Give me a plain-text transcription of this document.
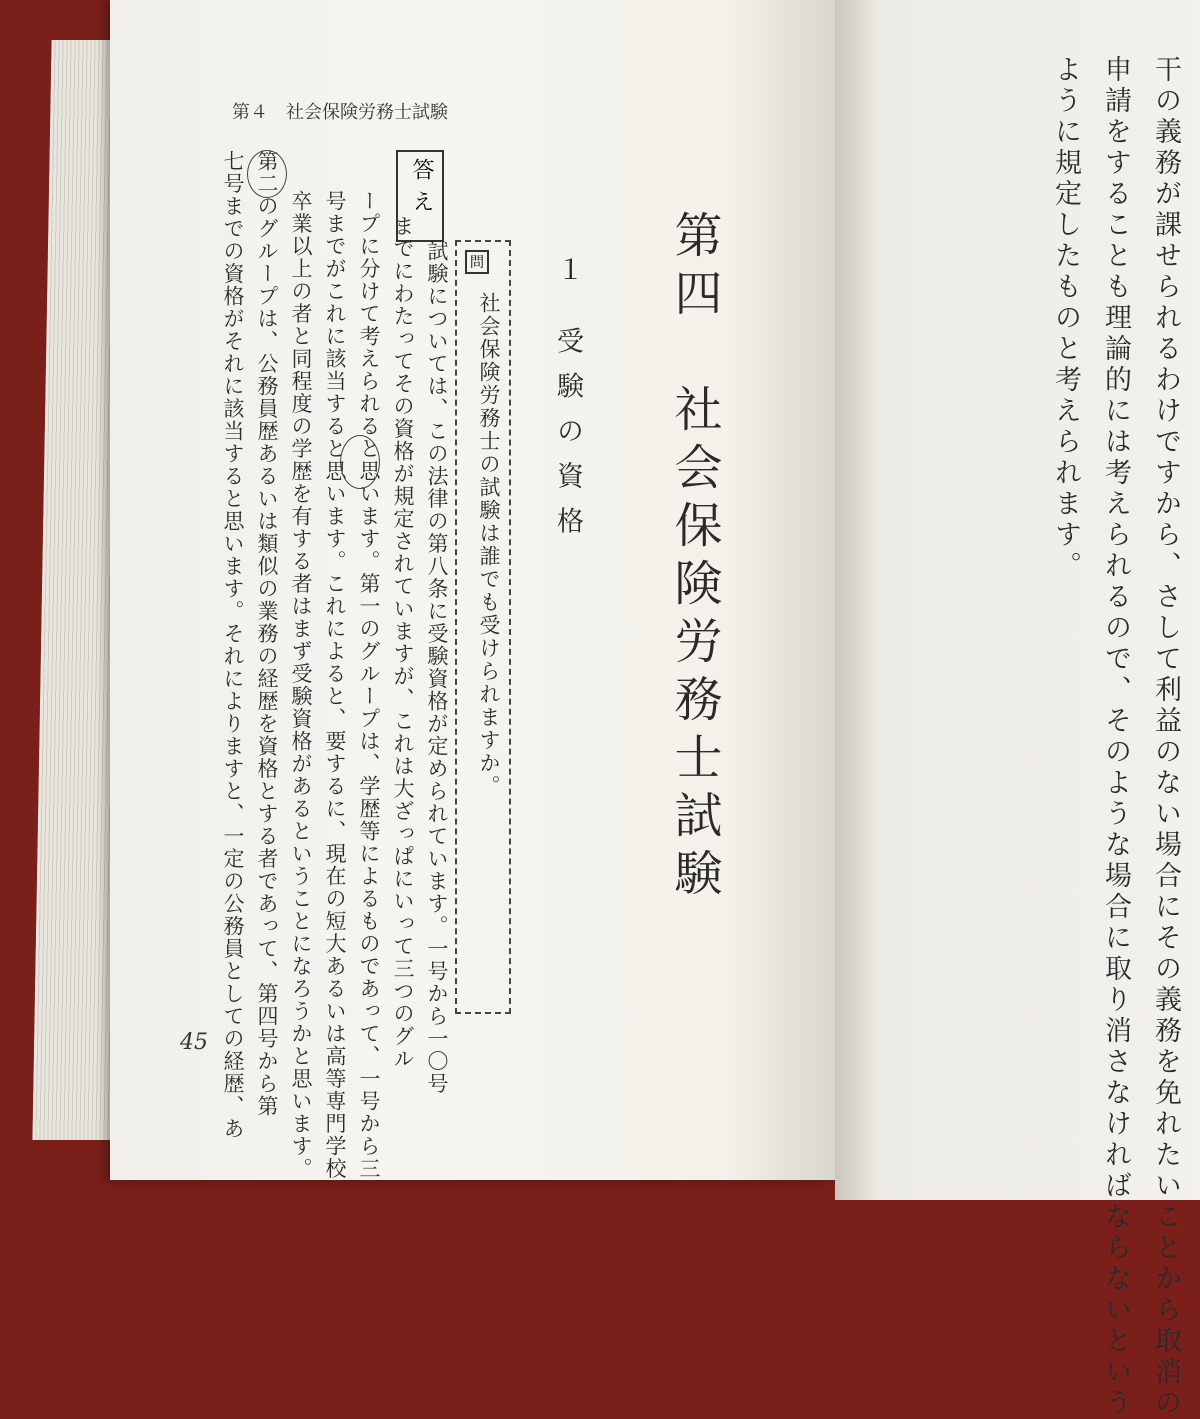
第４　社会保険労務士試験
答え
問
社会保険労務士の試験は誰でも受けられますか。 １ 受験の資格 第四　社会保険労務士試験
試験については、この法律の第八条に受験資格が定められています。一号から一〇号
までにわたってその資格が規定されていますが、これは大ざっぱにいって三つのグル
ープに分けて考えられると思います。第一のグループは、学歴等によるものであって、一号から三
号までがこれに該当すると思います。これによると、要するに、現在の短大あるいは高等専門学校
卒業以上の者と同程度の学歴を有する者はまず受験資格があるということになろうかと思います。
第二のグループは、公務員歴あるいは類似の業務の経歴を資格とする者であって、第四号から第
七号までの資格がそれに該当すると思います。それによりますと、一定の公務員としての経歴、あ
45	干の義務が課せられるわけですから、さして利益のない場合にその義務を免れたいことから取消の
申請をすることも理論的には考えられるので、そのような場合に取り消さなければならないという
ように規定したものと考えられます。
